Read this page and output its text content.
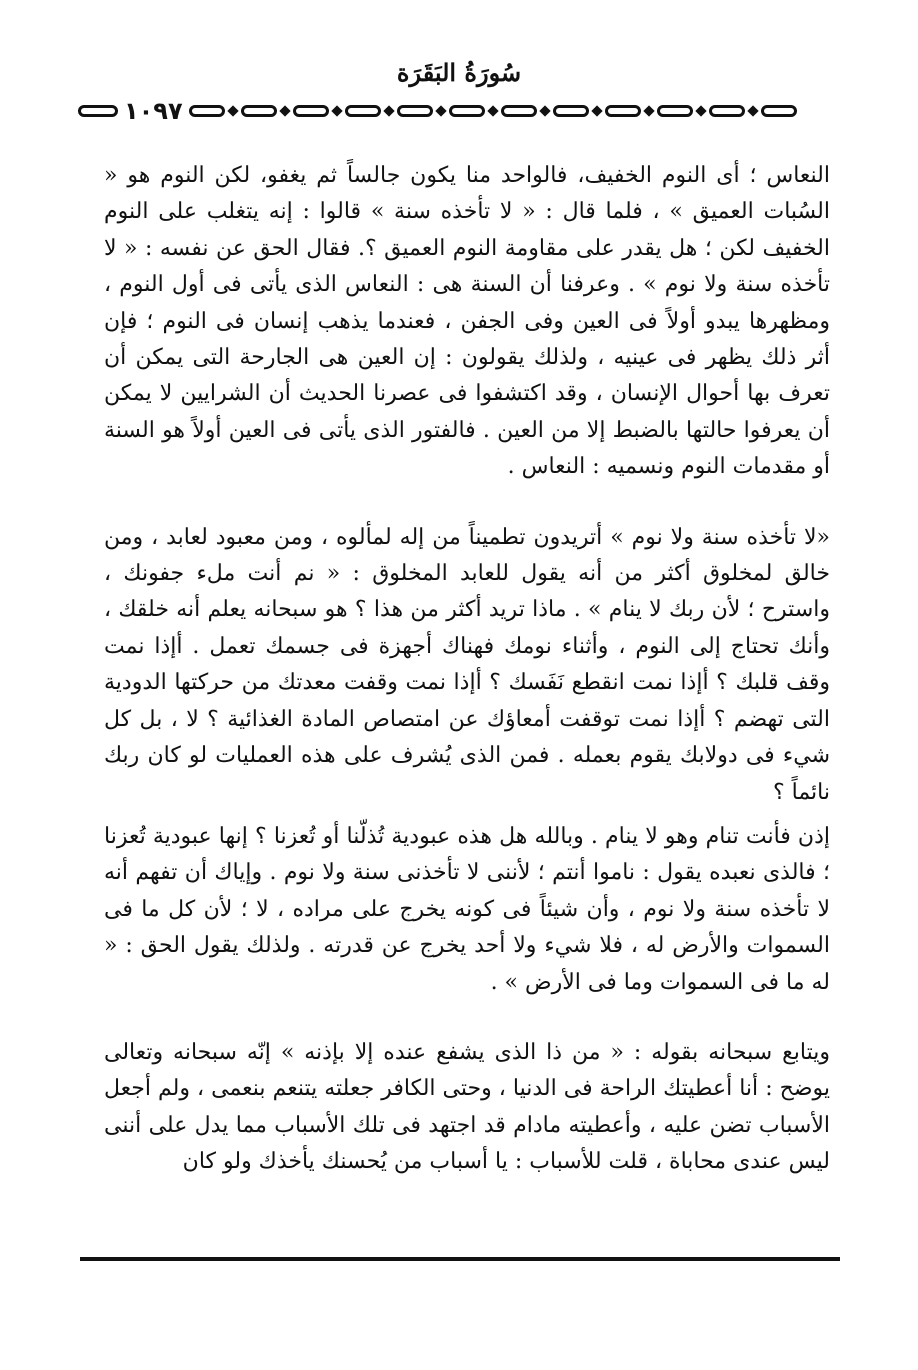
سُورَةُ البَقَرَة
١٠٩٧

النعاس ؛ أى النوم الخفيف، فالواحد منا يكون جالساً ثم يغفو، لكن النوم هو « السُبات العميق » ، فلما قال : « لا تأخذه سنة » قالوا : إنه يتغلب على النوم الخفيف لكن ؛ هل يقدر على مقاومة النوم العميق ؟. فقال الحق عن نفسه : « لا تأخذه سنة ولا نوم » . وعرفنا أن السنة هى : النعاس الذى يأتى فى أول النوم ، ومظهرها يبدو أولاً فى العين وفى الجفن ، فعندما يذهب إنسان فى النوم ؛ فإن أثر ذلك يظهر فى عينيه ، ولذلك يقولون : إن العين هى الجارحة التى يمكن أن تعرف بها أحوال الإنسان ، وقد اكتشفوا فى عصرنا الحديث أن الشرايين لا يمكن أن يعرفوا حالتها بالضبط إلا من العين . فالفتور الذى يأتى فى العين أولاً هو السنة أو مقدمات النوم ونسميه : النعاس .

«لا تأخذه سنة ولا نوم » أتريدون تطميناً من إله لمألوه ، ومن معبود لعابد ، ومن خالق لمخلوق أكثر من أنه يقول للعابد المخلوق : « نم أنت ملء جفونك ، واسترح ؛ لأن ربك لا ينام » . ماذا تريد أكثر من هذا ؟ هو سبحانه يعلم أنه خلقك ، وأنك تحتاج إلى النوم ، وأثناء نومك فهناك أجهزة فى جسمك تعمل . أإذا نمت وقف قلبك ؟ أإذا نمت انقطع نَفَسك ؟ أإذا نمت وقفت معدتك من حركتها الدودية التى تهضم ؟ أإذا نمت توقفت أمعاؤك عن امتصاص المادة الغذائية ؟ لا ، بل كل شيء فى دولابك يقوم بعمله . فمن الذى يُشرف على هذه العمليات لو كان ربك نائماً ؟

إذن فأنت تنام وهو لا ينام . وبالله هل هذه عبودية تُذلّنا أو تُعزنا ؟ إنها عبودية تُعزنا ؛ فالذى نعبده يقول : ناموا أنتم ؛ لأننى لا تأخذنى سنة ولا نوم . وإياك أن تفهم أنه لا تأخذه سنة ولا نوم ، وأن شيئاً فى كونه يخرج على مراده ، لا ؛ لأن كل ما فى السموات والأرض له ، فلا شيء ولا أحد يخرج عن قدرته . ولذلك يقول الحق : « له ما فى السموات وما فى الأرض » .

ويتابع سبحانه بقوله : « من ذا الذى يشفع عنده إلا بإذنه » إنّه سبحانه وتعالى يوضح : أنا أعطيتك الراحة فى الدنيا ، وحتى الكافر جعلته يتنعم بنعمى ، ولم أجعل الأسباب تضن عليه ، وأعطيته مادام قد اجتهد فى تلك الأسباب مما يدل على أننى ليس عندى محاباة ، قلت للأسباب : يا أسباب من يُحسنك يأخذك ولو كان
